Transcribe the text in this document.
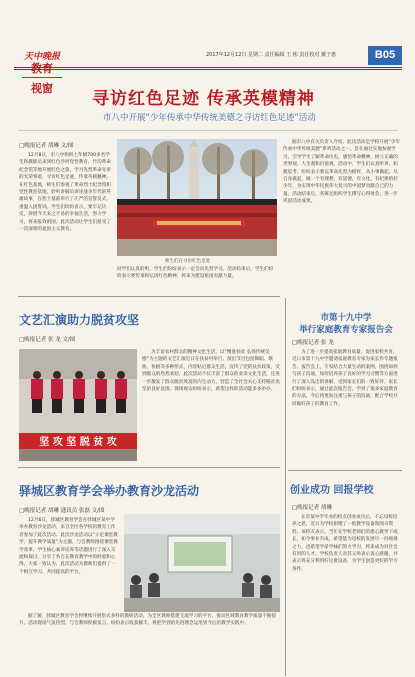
天中晚报	2017年12月12日 星期二 责任编辑 王 彬 责任校对 戴子惠	B05
教育
视窗
寻访红色足迹 传承英模精神
市八中开展“少年传承中华传统美德之寻访红色足迹”活动
□晚报记者 胡琳 文/图
12月8日，市八中组织七年级700多名学生和教职员来到红色沙河党性教育、竹沟革命纪念馆等地开展红色之旅，学习先烈革命先辈的光荣事迹，寻访红色足迹，传承英模精神。在红色基地，师生们参观了革命烈士纪念馆和党性教育基地，聆听讲解员讲述战争年代的英雄故事，在烈士墓前举行了庄严的宣誓仪式，重温入团誓词。学生们纷纷表示，要牢记历史，珍惜今天来之不易的幸福生活，努力学习，将来报效祖国。此次活动让学生们接受了一次深刻的爱国主义教育。
师生们在寻访红色足迹
同学们认真聆听，学生们纷纷表示一定会向先烈学习。活动结束后，学生们纷纷表示要传承和弘扬红色精神，将来为建设祖国贡献力量。
据市八中有关负责人介绍，此次活动是学校开展“少年传承中华传统美德”系列活动之一，旨在通过实地参观学习，引导学生了解革命历史，感悟革命精神，树立正确的世界观、人生观和价值观。活动中，学生们认真听讲，积极思考，纷纷表示要以革命先烈为榜样，从小事做起，从自身做起，做一个有理想、有道德、有文化、有纪律的好少年，为实现中华民族伟大复兴的中国梦贡献自己的力量。活动结束后，各班还组织学生撰写心得体会，进一步巩固活动成果。
文艺汇演助力脱贫攻坚
□晚报记者 张 龙 文/图
坚 攻 坚 脱 贫 攻
为丰富农村群众的精神文化生活，以“精准扶贫 弘扬传统美德”为主题的文艺汇演近日在扶贫村举行。演出节目包括舞蹈、歌曲、快板等多种形式，内容贴近群众生活，宣传了党的扶贫政策，受到群众的热烈欢迎。此次活动不仅丰富了群众的业余文化生活，还进一步激发了群众脱贫致富的内生动力，营造了全社会关心支持脱贫攻坚的良好氛围。现场观众纷纷表示，希望这样的活动能多多举办。
驿城区教育学会举办教育沙龙活动
□晚报记者 胡琳 通讯员 张磊 文/图
12月6日，驿城区教育学会在驿城区某中学举办教育沙龙活动，来自全区各学校的教育工作者参加了此次活动。此次沙龙活动以“立足课堂教学，提升教学质量”为主题，与会教师围绕课堂教学改革、学生核心素养培养等话题进行了深入交流和探讨，分享了各自在教育教学中的经验和心得。大家一致认为，此次活动为教师们提供了一个相互学习、共同提高的平台。
据了解，驿城区教育学会将继续开展形式多样的教研活动，为全区教师搭建交流学习的平台，推动区域教育教学质量不断提升。活动现场气氛热烈，与会教师积极发言，纷纷表示收获颇丰，将把学到的先进理念运用到今后的教学实践中。
市第十九中学
举行家庭教育专家报告会
□晚报记者 张 龙
为了进一步提高家庭教育质量，促进家校共育，近日市第十九中学邀请家庭教育专家为家长作专题报告。报告会上，专家结合大量生动的案例，围绕如何与孩子沟通、如何培养孩子良好的学习习惯等方面进行了深入浅出的讲解，受到家长们的一致好评。家长们纷纷表示，通过此次报告会，学到了很多家庭教育的方法，今后将更加注重与孩子的沟通，配合学校共同做好孩子的教育工作。
创业成功 回报学校
□晚报记者 胡琳
在市某中学毕业的校友创业成功后，不忘母校培养之恩，近日为学校捐赠了一批教学设备和图书资料。该校友表示，当年在学校老师们的悉心教导下成长，如今事业有成，希望能为母校的发展尽一份绵薄之力，也希望学弟学妹们努力学习，将来成为对社会有用的人才。学校负责人对其义举表示衷心感谢，并表示将充分利用好这批设备，为学生创造更好的学习条件。
